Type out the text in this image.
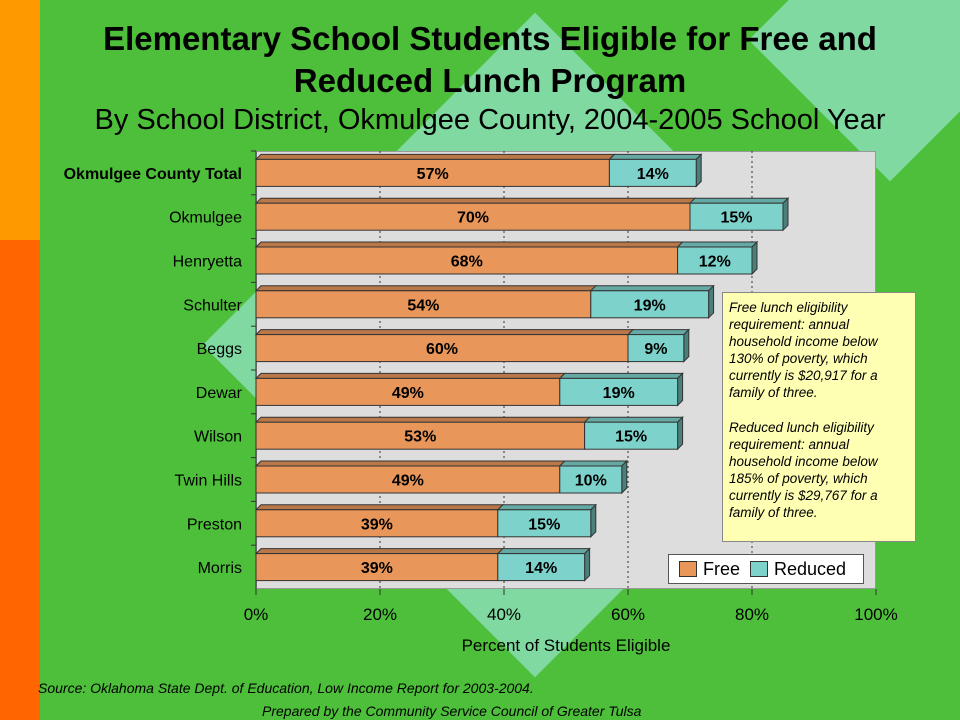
Elementary School Students Eligible for Free and
Reduced Lunch Program
By School District, Okmulgee County, 2004-2005 School Year
0%	20%	40%	60%	80%	100%
Okmulgee County Total	57%	14%
Okmulgee	70%	15%
Henryetta	68%	12%
Schulter	54%	19%
Beggs	60%	9%
Dewar	49%	19%
Wilson	53%	15%
Twin Hills	49%	10%
Preston	39%	15%
Morris	39%	14%
Percent of Students Eligible

Free lunch eligibility requirement: annual household income below 130% of poverty, which currently is $20,917 for a family of three.

Reduced lunch eligibility requirement: annual household income below 185% of poverty, which currently is $29,767 for a family of three.

Free Reduced
Source: Oklahoma State Dept. of Education, Low Income Report for 2003-2004.
Prepared by the Community Service Council of Greater Tulsa
